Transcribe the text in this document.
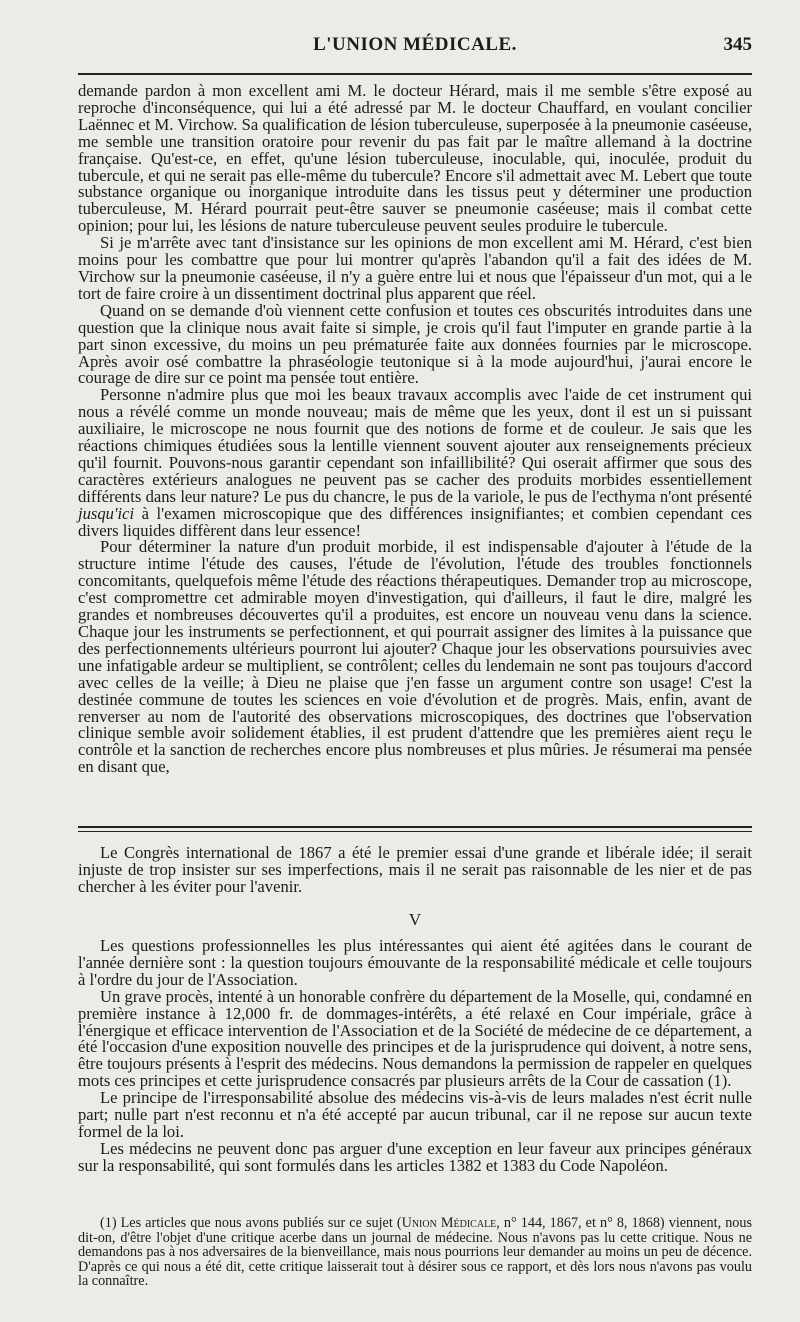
L'UNION MÉDICALE.	345

demande pardon à mon excellent ami M. le docteur Hérard, mais il me semble s'être exposé au reproche d'inconséquence, qui lui a été adressé par M. le docteur Chauffard, en voulant concilier Laënnec et M. Virchow. Sa qualification de lésion tuberculeuse, superposée à la pneumonie caséeuse, me semble une transition oratoire pour revenir du pas fait par le maître allemand à la doctrine française. Qu'est-ce, en effet, qu'une lésion tuberculeuse, inoculable, qui, inoculée, produit du tubercule, et qui ne serait pas elle-même du tubercule? Encore s'il admettait avec M. Lebert que toute substance organique ou inorganique introduite dans les tissus peut y déterminer une production tuberculeuse, M. Hérard pourrait peut-être sauver se pneumonie caséeuse; mais il combat cette opinion; pour lui, les lésions de nature tuberculeuse peuvent seules produire le tubercule.

Si je m'arrête avec tant d'insistance sur les opinions de mon excellent ami M. Hérard, c'est bien moins pour les combattre que pour lui montrer qu'après l'abandon qu'il a fait des idées de M. Virchow sur la pneumonie caséeuse, il n'y a guère entre lui et nous que l'épaisseur d'un mot, qui a le tort de faire croire à un dissentiment doctrinal plus apparent que réel.

Quand on se demande d'où viennent cette confusion et toutes ces obscurités introduites dans une question que la clinique nous avait faite si simple, je crois qu'il faut l'imputer en grande partie à la part sinon excessive, du moins un peu prématurée faite aux données fournies par le microscope. Après avoir osé combattre la phraséologie teutonique si à la mode aujourd'hui, j'aurai encore le courage de dire sur ce point ma pensée tout entière.

Personne n'admire plus que moi les beaux travaux accomplis avec l'aide de cet instrument qui nous a révélé comme un monde nouveau; mais de même que les yeux, dont il est un si puissant auxiliaire, le microscope ne nous fournit que des notions de forme et de couleur. Je sais que les réactions chimiques étudiées sous la lentille viennent souvent ajouter aux renseignements précieux qu'il fournit. Pouvons-nous garantir cependant son infaillibilité? Qui oserait affirmer que sous des caractères extérieurs analogues ne peuvent pas se cacher des produits morbides essentiellement différents dans leur nature? Le pus du chancre, le pus de la variole, le pus de l'ecthyma n'ont présenté jusqu'ici à l'examen microscopique que des différences insignifiantes; et combien cependant ces divers liquides diffèrent dans leur essence!

Pour déterminer la nature d'un produit morbide, il est indispensable d'ajouter à l'étude de la structure intime l'étude des causes, l'étude de l'évolution, l'étude des troubles fonctionnels concomitants, quelquefois même l'étude des réactions thérapeutiques. Demander trop au microscope, c'est compromettre cet admirable moyen d'investigation, qui d'ailleurs, il faut le dire, malgré les grandes et nombreuses découvertes qu'il a produites, est encore un nouveau venu dans la science. Chaque jour les instruments se perfectionnent, et qui pourrait assigner des limites à la puissance que des perfectionnements ultérieurs pourront lui ajouter? Chaque jour les observations poursuivies avec une infatigable ardeur se multiplient, se contrôlent; celles du lendemain ne sont pas toujours d'accord avec celles de la veille; à Dieu ne plaise que j'en fasse un argument contre son usage! C'est la destinée commune de toutes les sciences en voie d'évolution et de progrès. Mais, enfin, avant de renverser au nom de l'autorité des observations microscopiques, des doctrines que l'observation clinique semble avoir solidement établies, il est prudent d'attendre que les premières aient reçu le contrôle et la sanction de recherches encore plus nombreuses et plus mûries. Je résumerai ma pensée en disant que,

Le Congrès international de 1867 a été le premier essai d'une grande et libérale idée; il serait injuste de trop insister sur ses imperfections, mais il ne serait pas raisonnable de les nier et de pas chercher à les éviter pour l'avenir.

V

Les questions professionnelles les plus intéressantes qui aient été agitées dans le courant de l'année dernière sont : la question toujours émouvante de la responsabilité médicale et celle toujours à l'ordre du jour de l'Association.

Un grave procès, intenté à un honorable confrère du département de la Moselle, qui, condamné en première instance à 12,000 fr. de dommages-intérêts, a été relaxé en Cour impériale, grâce à l'énergique et efficace intervention de l'Association et de la Société de médecine de ce département, a été l'occasion d'une exposition nouvelle des principes et de la jurisprudence qui doivent, à notre sens, être toujours présents à l'esprit des médecins. Nous demandons la permission de rappeler en quelques mots ces principes et cette jurisprudence consacrés par plusieurs arrêts de la Cour de cassation (1).

Le principe de l'irresponsabilité absolue des médecins vis-à-vis de leurs malades n'est écrit nulle part; nulle part n'est reconnu et n'a été accepté par aucun tribunal, car il ne repose sur aucun texte formel de la loi.

Les médecins ne peuvent donc pas arguer d'une exception en leur faveur aux principes généraux sur la responsabilité, qui sont formulés dans les articles 1382 et 1383 du Code Napoléon.

(1) Les articles que nous avons publiés sur ce sujet (Union Médicale, n° 144, 1867, et n° 8, 1868) viennent, nous dit-on, d'être l'objet d'une critique acerbe dans un journal de médecine. Nous n'avons pas lu cette critique. Nous ne demandons pas à nos adversaires de la bienveillance, mais nous pourrions leur demander au moins un peu de décence. D'après ce qui nous a été dit, cette critique laisserait tout à désirer sous ce rapport, et dès lors nous n'avons pas voulu la connaître.
